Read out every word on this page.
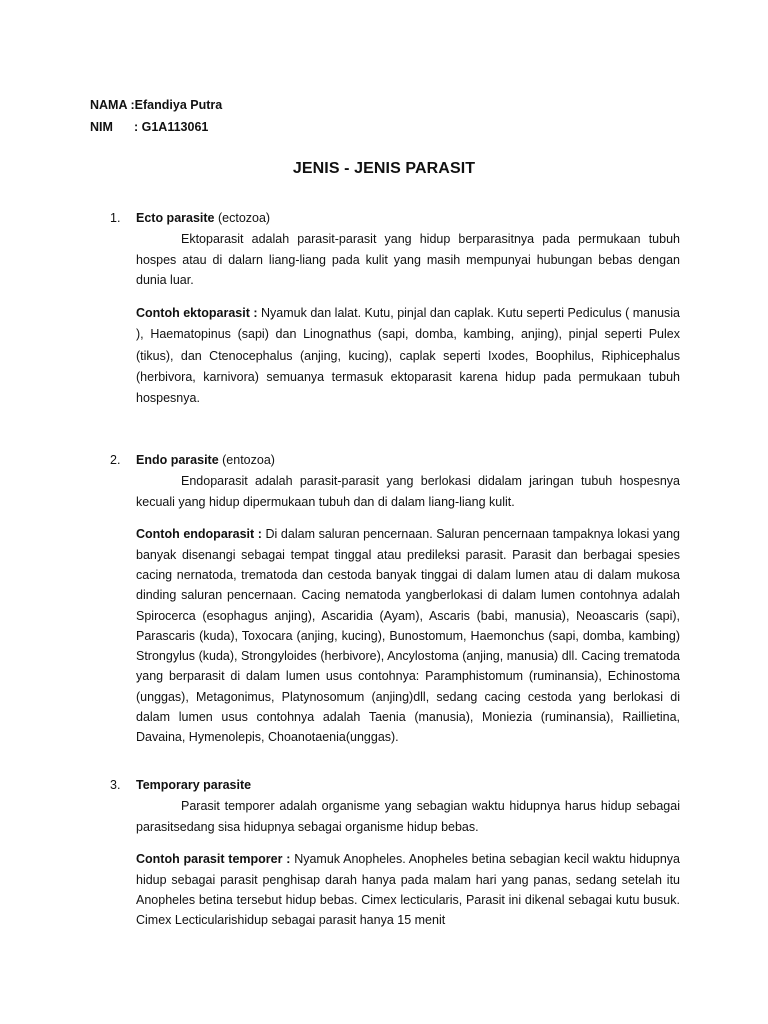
NAMA :Efandiya Putra
NIM : G1A113061
JENIS - JENIS PARASIT
1. Ecto parasite (ectozoa)

Ektoparasit adalah parasit-parasit yang hidup berparasitnya pada permukaan tubuh hospes atau di dalarn liang-liang pada kulit yang masih mempunyai hubungan bebas dengan dunia luar.

Contoh ektoparasit : Nyamuk dan lalat. Kutu, pinjal dan caplak. Kutu seperti Pediculus ( manusia ), Haematopinus (sapi) dan Linognathus (sapi, domba, kambing, anjing), pinjal seperti Pulex (tikus), dan Ctenocephalus (anjing, kucing), caplak seperti Ixodes, Boophilus, Riphicephalus (herbivora, karnivora) semuanya termasuk ektoparasit karena hidup pada permukaan tubuh hospesnya.

2. Endo parasite (entozoa)

Endoparasit adalah parasit-parasit yang berlokasi didalam jaringan tubuh hospesnya kecuali yang hidup dipermukaan tubuh dan di dalam liang-liang kulit.

Contoh endoparasit : Di dalam saluran pencernaan. Saluran pencernaan tampaknya lokasi yang banyak disenangi sebagai tempat tinggal atau predileksi parasit. Parasit dan berbagai spesies cacing nernatoda, trematoda dan cestoda banyak tinggai di dalam lumen atau di dalam mukosa dinding saluran pencernaan. Cacing nematoda yangberlokasi di dalam lumen contohnya adalah Spirocerca (esophagus anjing), Ascaridia (Ayam), Ascaris (babi, manusia), Neoascaris (sapi), Parascaris (kuda), Toxocara (anjing, kucing), Bunostomum, Haemonchus (sapi, domba, kambing) Strongylus (kuda), Strongyloides (herbivore), Ancylostoma (anjing, manusia) dll. Cacing trematoda yang berparasit di dalam lumen usus contohnya: Paramphistomum (ruminansia), Echinostoma (unggas), Metagonimus, Platynosomum (anjing)dll, sedang cacing cestoda yang berlokasi di dalam lumen usus contohnya adalah Taenia (manusia), Moniezia (ruminansia), Raillietina, Davaina, Hymenolepis, Choanotaenia(unggas).

3. Temporary parasite

Parasit temporer adalah organisme yang sebagian waktu hidupnya harus hidup sebagai parasitsedang sisa hidupnya sebagai organisme hidup bebas.

Contoh parasit temporer : Nyamuk Anopheles. Anopheles betina sebagian kecil waktu hidupnya hidup sebagai parasit penghisap darah hanya pada malam hari yang panas, sedang setelah itu Anopheles betina tersebut hidup bebas. Cimex lecticularis, Parasit ini dikenal sebagai kutu busuk. Cimex Lecticularishidup sebagai parasit hanya 15 menit
